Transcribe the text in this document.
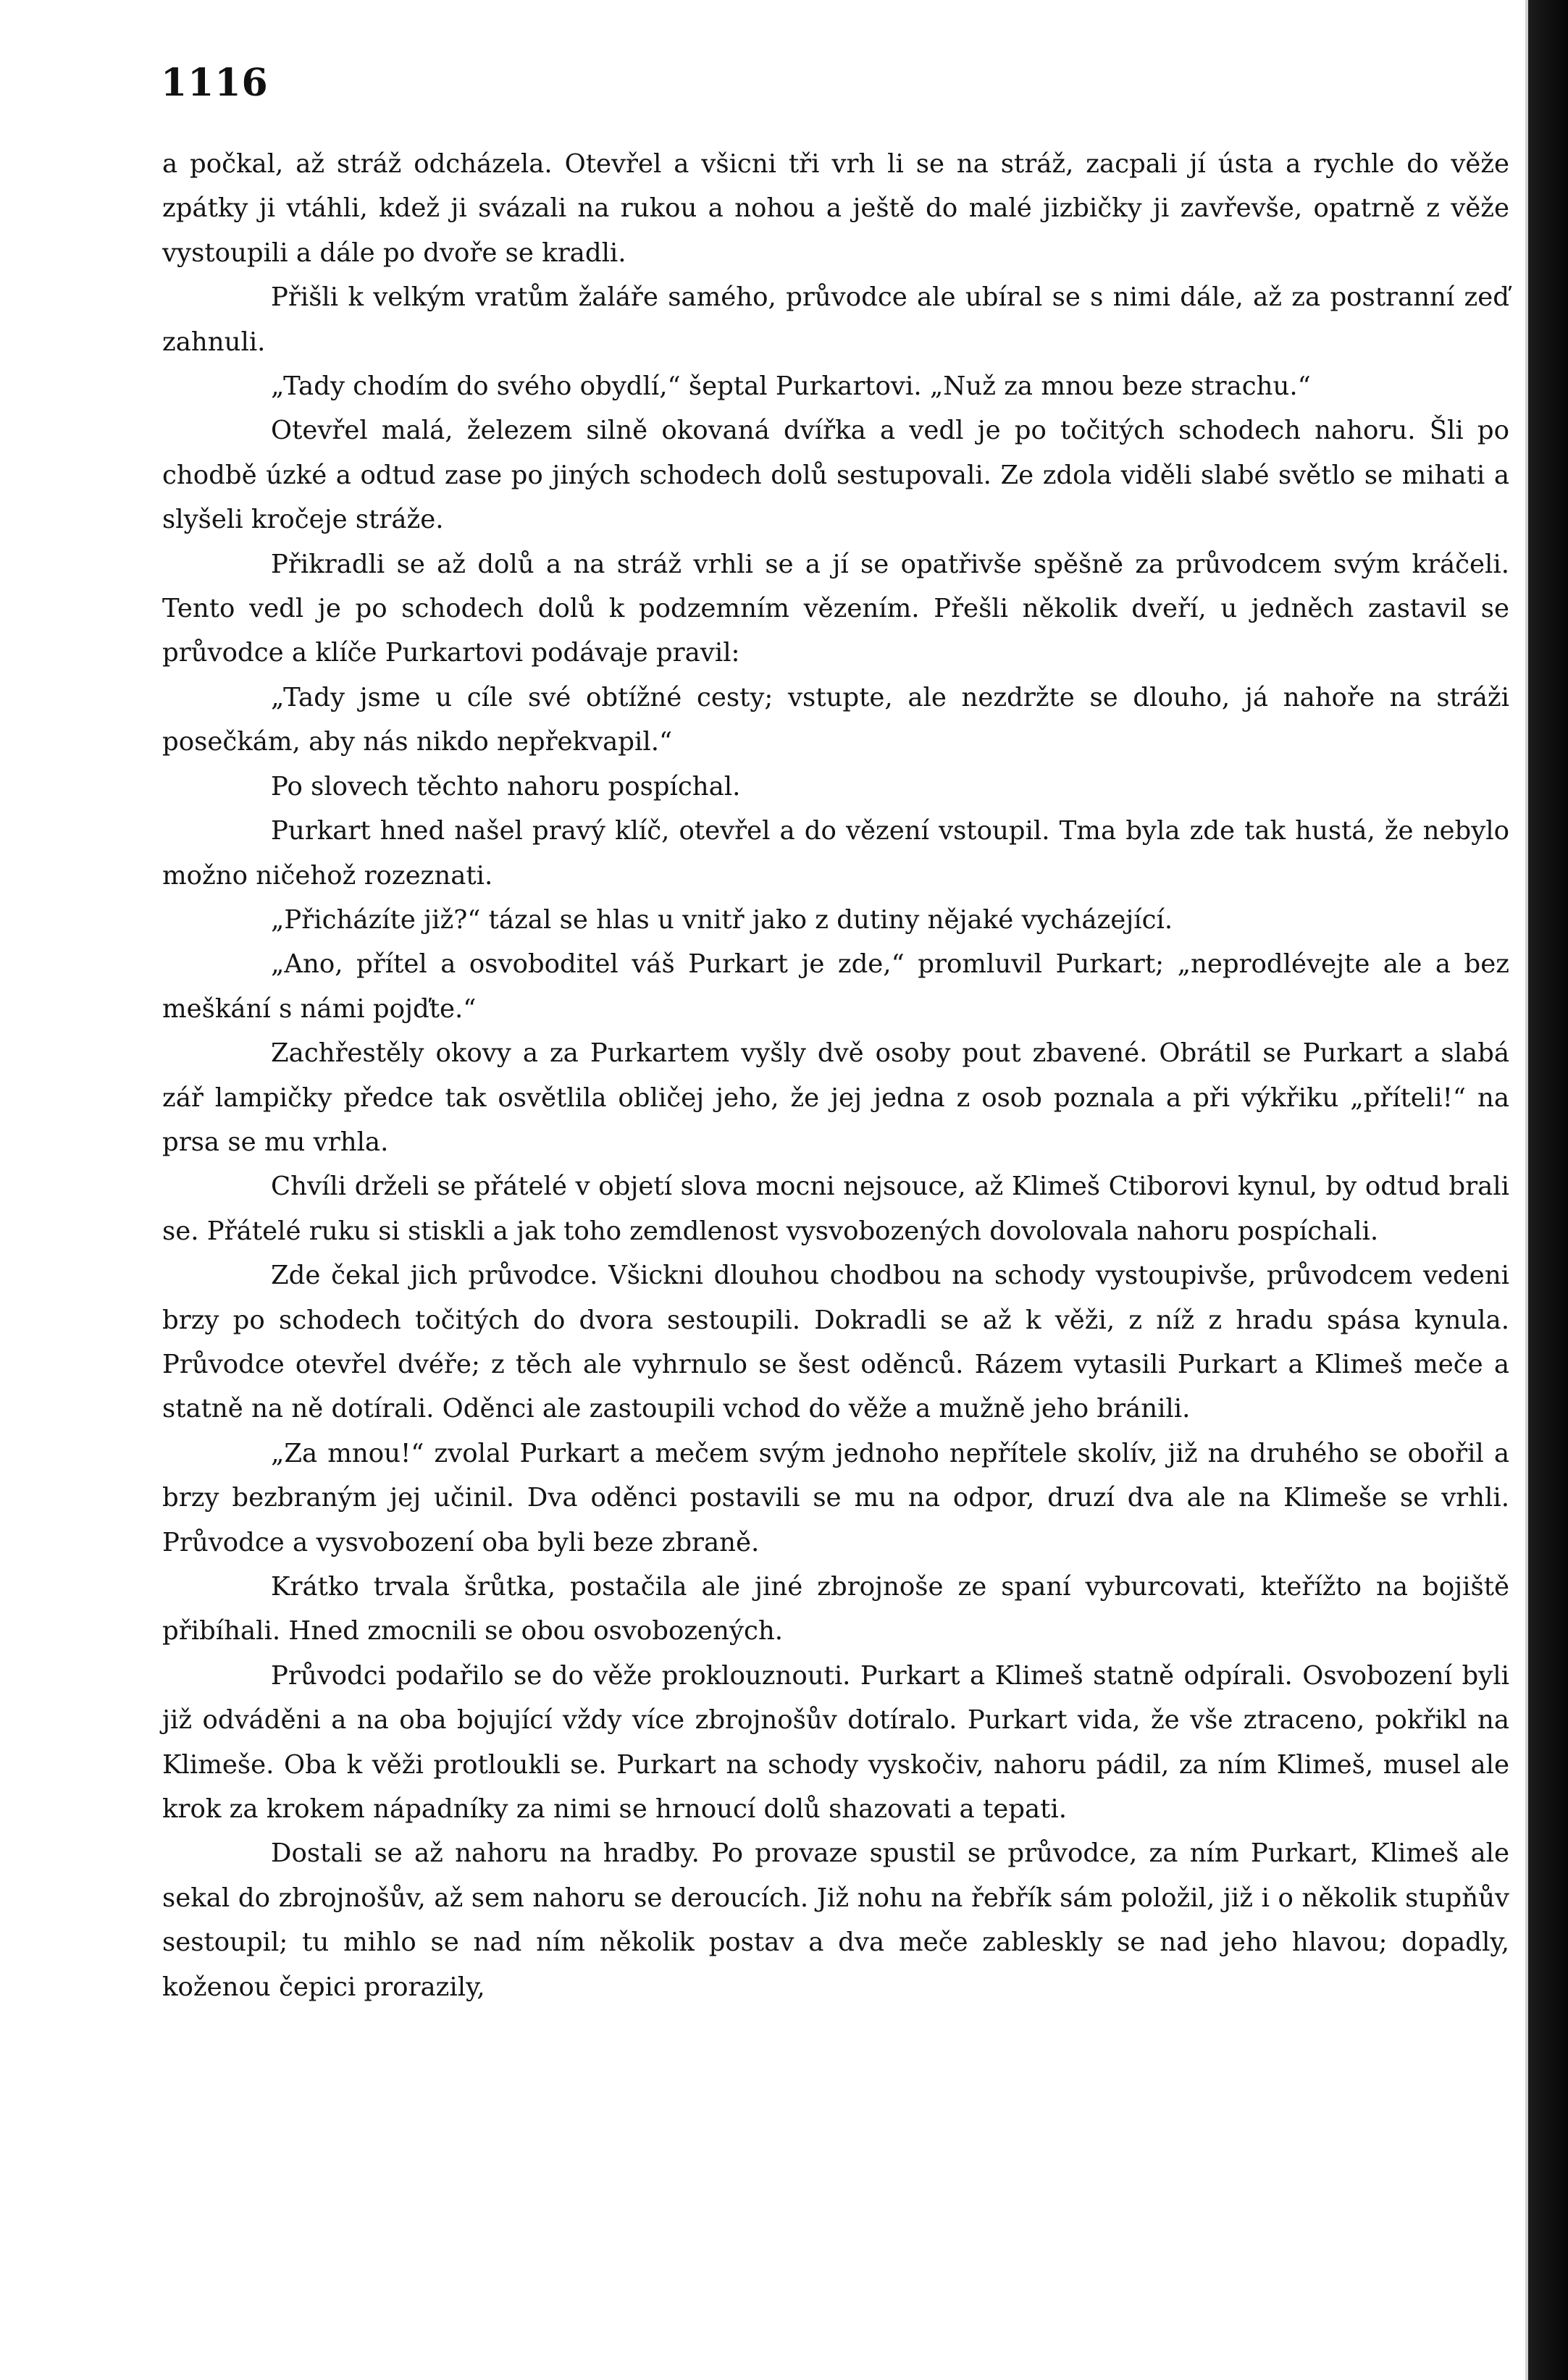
1116

a počkal, až stráž odcházela. Otevřel a všicni tři vrh li se na stráž, zacpali jí ústa a rychle do věže zpátky ji vtáhli, kdež ji svázali na rukou a nohou a ještě do malé jizbičky ji zavřevše, opatrně z věže vystoupili a dále po dvoře se kradli.

Přišli k velkým vratům žaláře samého, průvodce ale ubíral se s nimi dále, až za postranní zeď zahnuli.

„Tady chodím do svého obydlí,“ šeptal Purkartovi. „Nuž za mnou beze strachu.“

Otevřel malá, železem silně okovaná dvířka a vedl je po točitých schodech nahoru. Šli po chodbě úzké a odtud zase po jiných schodech dolů sestupovali. Ze zdola viděli slabé světlo se mihati a slyšeli kročeje stráže.

Přikradli se až dolů a na stráž vrhli se a jí se opatřivše spěšně za průvodcem svým kráčeli. Tento vedl je po schodech dolů k podzemním vězením. Přešli několik dveří, u jedněch zastavil se průvodce a klíče Purkartovi podávaje pravil:

„Tady jsme u cíle své obtížné cesty; vstupte, ale nezdržte se dlouho, já nahoře na stráži posečkám, aby nás nikdo nepřekvapil.“

Po slovech těchto nahoru pospíchal.

Purkart hned našel pravý klíč, otevřel a do vězení vstoupil. Tma byla zde tak hustá, že nebylo možno ničehož rozeznati.

„Přicházíte již?“ tázal se hlas u vnitř jako z dutiny nějaké vycházející.

„Ano, přítel a osvoboditel váš Purkart je zde,“ promluvil Purkart; „neprodlévejte ale a bez meškání s námi pojďte.“

Zachřestěly okovy a za Purkartem vyšly dvě osoby pout zbavené. Obrátil se Purkart a slabá zář lampičky předce tak osvětlila obličej jeho, že jej jedna z osob poznala a při výkřiku „příteli!“ na prsa se mu vrhla.

Chvíli drželi se přátelé v objetí slova mocni nejsouce, až Klimeš Ctiborovi kynul, by odtud brali se. Přátelé ruku si stiskli a jak toho zemdlenost vysvobozených dovolovala nahoru pospíchali.

Zde čekal jich průvodce. Všickni dlouhou chodbou na schody vystoupivše, průvodcem vedeni brzy po schodech točitých do dvora sestoupili. Dokradli se až k věži, z níž z hradu spása kynula. Průvodce otevřel dvéře; z těch ale vyhrnulo se šest oděnců. Rázem vytasili Purkart a Klimeš meče a statně na ně dotírali. Oděnci ale zastoupili vchod do věže a mužně jeho bránili.

„Za mnou!“ zvolal Purkart a mečem svým jednoho nepřítele skolív, již na druhého se obořil a brzy bezbraným jej učinil. Dva oděnci postavili se mu na odpor, druzí dva ale na Klimeše se vrhli. Průvodce a vysvobození oba byli beze zbraně.

Krátko trvala šrůtka, postačila ale jiné zbrojnoše ze spaní vyburcovati, kteřížto na bojiště přibíhali. Hned zmocnili se obou osvobozených.

Průvodci podařilo se do věže proklouznouti. Purkart a Klimeš statně odpírali. Osvobození byli již odváděni a na oba bojující vždy více zbrojnošův dotíralo. Purkart vida, že vše ztraceno, pokřikl na Klimeše. Oba k věži protloukli se. Purkart na schody vyskočiv, nahoru pádil, za ním Klimeš, musel ale krok za krokem nápadníky za nimi se hrnoucí dolů shazovati a tepati.

Dostali se až nahoru na hradby. Po provaze spustil se průvodce, za ním Purkart, Klimeš ale sekal do zbrojnošův, až sem nahoru se deroucích. Již nohu na řebřík sám položil, již i o několik stupňův sestoupil; tu mihlo se nad ním několik postav a dva meče zableskly se nad jeho hlavou; dopadly, koženou čepici prorazily,
